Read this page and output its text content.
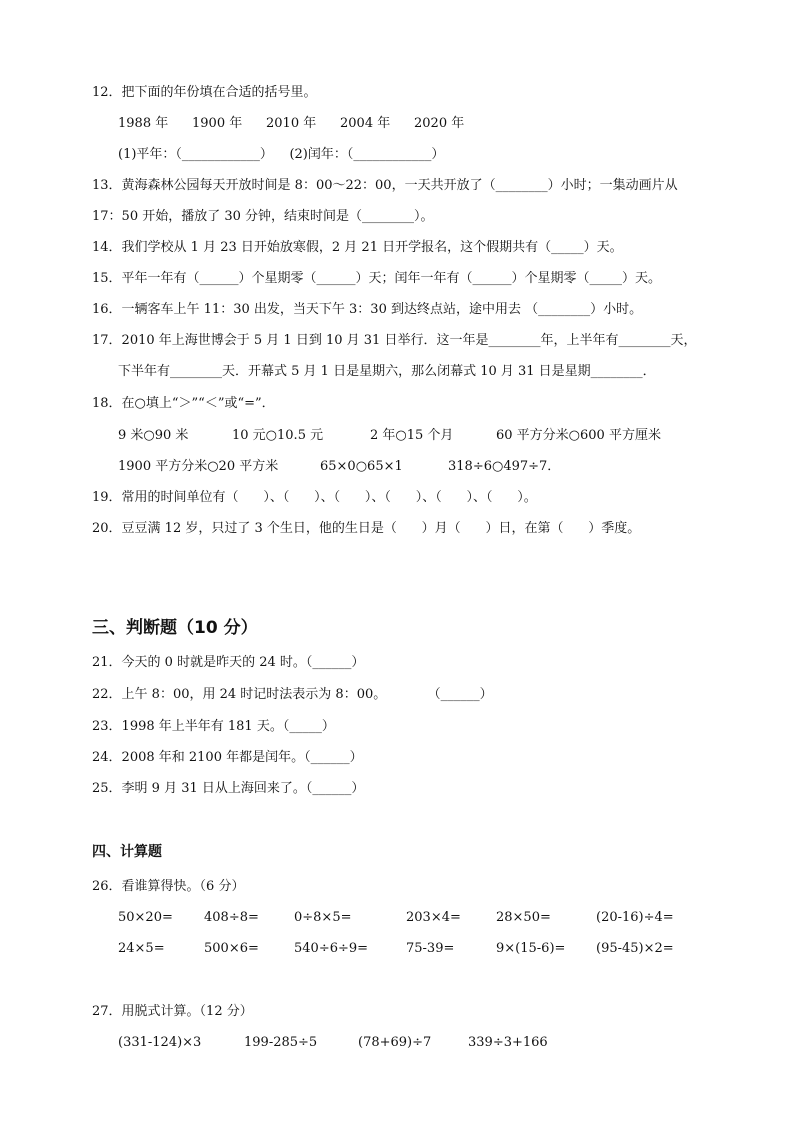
12．把下面的年份填在合适的括号里。
1988 年 1900 年 2010 年 2004 年 2020 年
(1)平年：（____________）    (2)闰年：（____________）
13．黄海森林公园每天开放时间是 8：00～22：00，一天共开放了（________）小时；一集动画片从
17：50 开始，播放了 30 分钟，结束时间是（________）。
14．我们学校从 1 月 23 日开始放寒假，2 月 21 日开学报名，这个假期共有（_____）天。
15．平年一年有（______）个星期零（______）天；闰年一年有（______）个星期零（_____）天。
16．一辆客车上午 11：30 出发，当天下午 3：30 到达终点站，途中用去 （________）小时。
17．2010 年上海世博会于 5 月 1 日到 10 月 31 日举行．这一年是________年，上半年有________天，
下半年有________天．开幕式 5 月 1 日是星期六，那么闭幕式 10 月 31 日是星期________．
18．在○填上“＞”“＜”或“=”．
9 米○90 米	10 元○10.5 元	2 年○15 个月	60 平方分米○600 平方厘米
1900 平方分米○20 平方米	65×0○65×1	318÷6○497÷7．
19．常用的时间单位有（      ）、（      ）、（      ）、（      ）、（      ）、（      ）。
20．豆豆满 12 岁，只过了 3 个生日，他的生日是（      ）月（      ）日，在第（      ）季度。
三、判断题（10 分）
21．今天的 0 时就是昨天的 24 时。（______）
22．上午 8：00，用 24 时记时法表示为 8：00。          （______）
23．1998 年上半年有 181 天。（_____）
24．2008 年和 2100 年都是闰年。（______）
25．李明 9 月 31 日从上海回来了。（______）
四、计算题
26．看谁算得快。（6 分）
50×20= 408÷8=	0÷8×5=	203×4=	28×50=	(20-16)÷4=
24×5=	500×6=	540÷6÷9=	75-39=	9×(15-6)= (95-45)×2=
27．用脱式计算。（12 分）
(331-124)×3	199-285÷5	(78+69)÷7	339÷3+166
